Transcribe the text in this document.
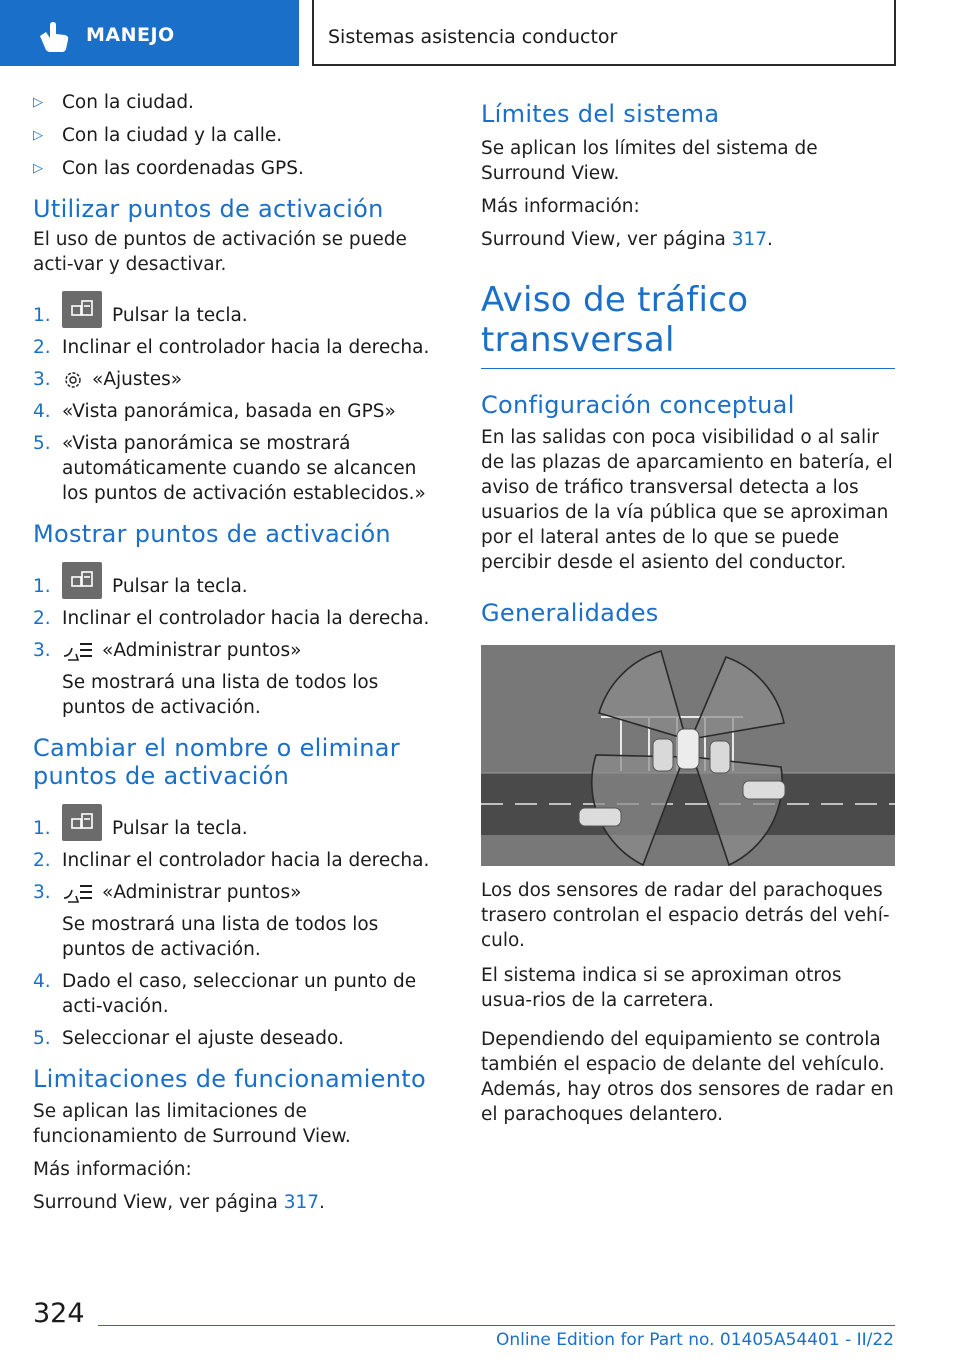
MANEJO	Sistemas asistencia conductor
▷	Con la ciudad.
▷	Con la ciudad y la calle.
▷	Con las coordenadas GPS.
Utilizar puntos de activación

El uso de puntos de activación se puede acti-var y desactivar.

1.	Pulsar la tecla.
2. Inclinar el controlador hacia la derecha.
3.	«Ajustes»
4. «Vista panorámica, basada en GPS»
5. «Vista panorámica se mostrará automáticamente cuando se alcancen los puntos de activación establecidos.»
Mostrar puntos de activación
1.	Pulsar la tecla.
2. Inclinar el controlador hacia la derecha.
3.	«Administrar puntos»
Se mostrará una lista de todos los puntos de activación.
Cambiar el nombre o eliminar puntos de activación
1.	Pulsar la tecla.
2. Inclinar el controlador hacia la derecha.
3.	«Administrar puntos»
Se mostrará una lista de todos los puntos de activación.
4. Dado el caso, seleccionar un punto de acti-vación.
5. Seleccionar el ajuste deseado.
Limitaciones de funcionamiento

Se aplican las limitaciones de funcionamiento de Surround View.

Más información:

Surround View, ver página 317.

Límites del sistema

Se aplican los límites del sistema de Surround View.

Más información:

Surround View, ver página 317.

Aviso de tráfico transversal
Configuración conceptual

En las salidas con poca visibilidad o al salir de las plazas de aparcamiento en batería, el aviso de tráfico transversal detecta a los usuarios de la vía pública que se aproximan por el lateral antes de lo que se puede percibir desde el asiento del conductor.

Generalidades

Los dos sensores de radar del parachoques trasero controlan el espacio detrás del vehí-culo.

El sistema indica si se aproximan otros usua-rios de la carretera.

Dependiendo del equipamiento se controla también el espacio de delante del vehículo. Además, hay otros dos sensores de radar en el parachoques delantero.

324
Online Edition for Part no. 01405A54401 - II/22
